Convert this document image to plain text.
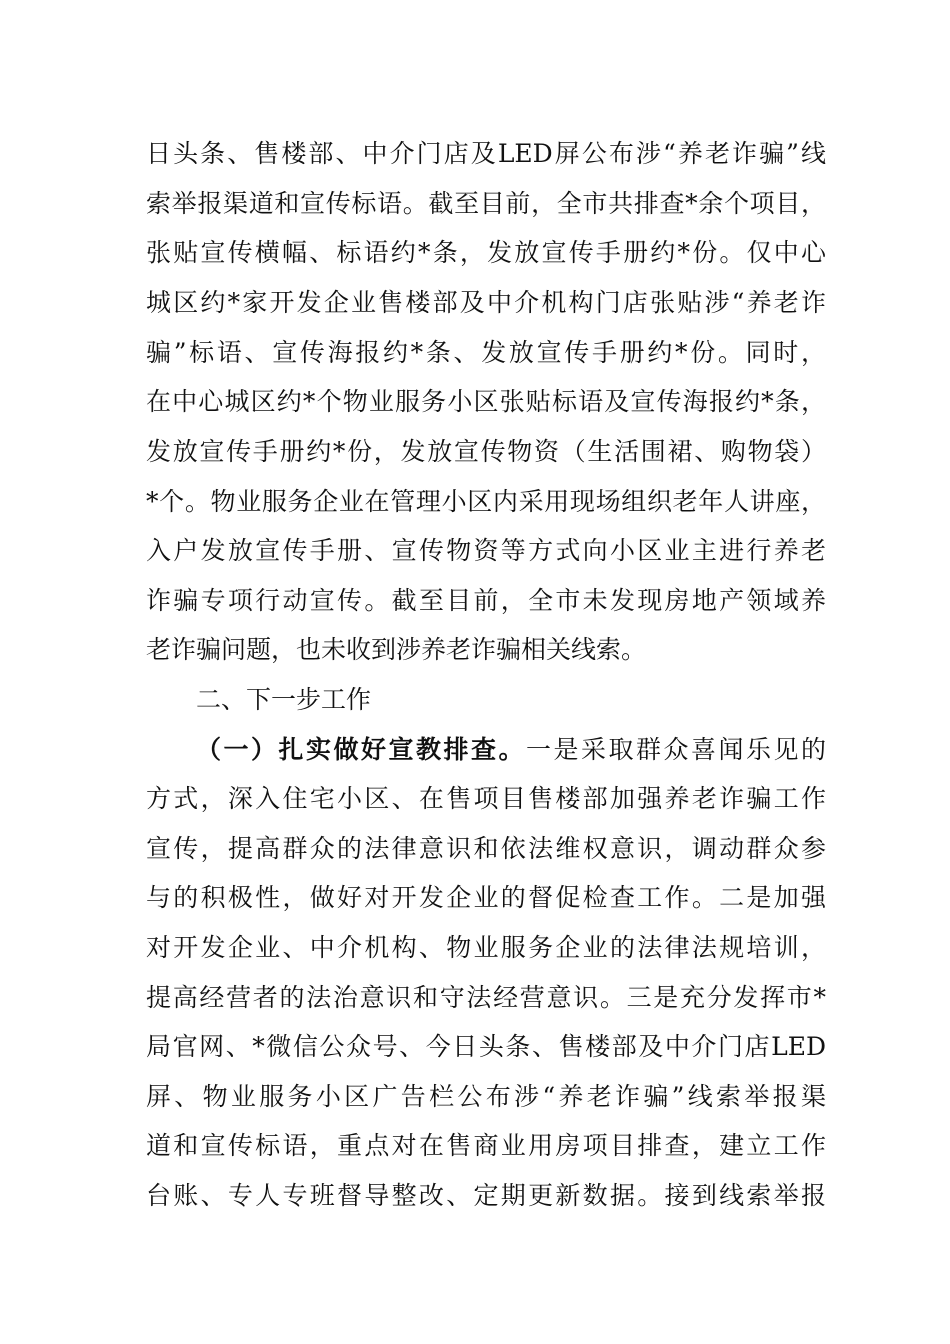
日头条、售楼部、中介门店及LED屏公布涉“养老诈骗”线
索举报渠道和宣传标语。截至目前，全市共排查*余个项目，
张贴宣传横幅、标语约*条，发放宣传手册约*份。仅中心
城区约*家开发企业售楼部及中介机构门店张贴涉“养老诈
骗”标语、宣传海报约*条、发放宣传手册约*份。同时，
在中心城区约*个物业服务小区张贴标语及宣传海报约*条，
发放宣传手册约*份，发放宣传物资（生活围裙、购物袋）
*个。物业服务企业在管理小区内采用现场组织老年人讲座，
入户发放宣传手册、宣传物资等方式向小区业主进行养老
诈骗专项行动宣传。截至目前，全市未发现房地产领域养
老诈骗问题，也未收到涉养老诈骗相关线索。
二、下一步工作
（一）扎实做好宣教排查。一是采取群众喜闻乐见的
方式，深入住宅小区、在售项目售楼部加强养老诈骗工作
宣传，提高群众的法律意识和依法维权意识，调动群众参
与的积极性，做好对开发企业的督促检查工作。二是加强
对开发企业、中介机构、物业服务企业的法律法规培训，
提高经营者的法治意识和守法经营意识。三是充分发挥市*
局官网、*微信公众号、今日头条、售楼部及中介门店LED
屏、物业服务小区广告栏公布涉“养老诈骗”线索举报渠
道和宣传标语，重点对在售商业用房项目排查，建立工作
台账、专人专班督导整改、定期更新数据。接到线索举报
